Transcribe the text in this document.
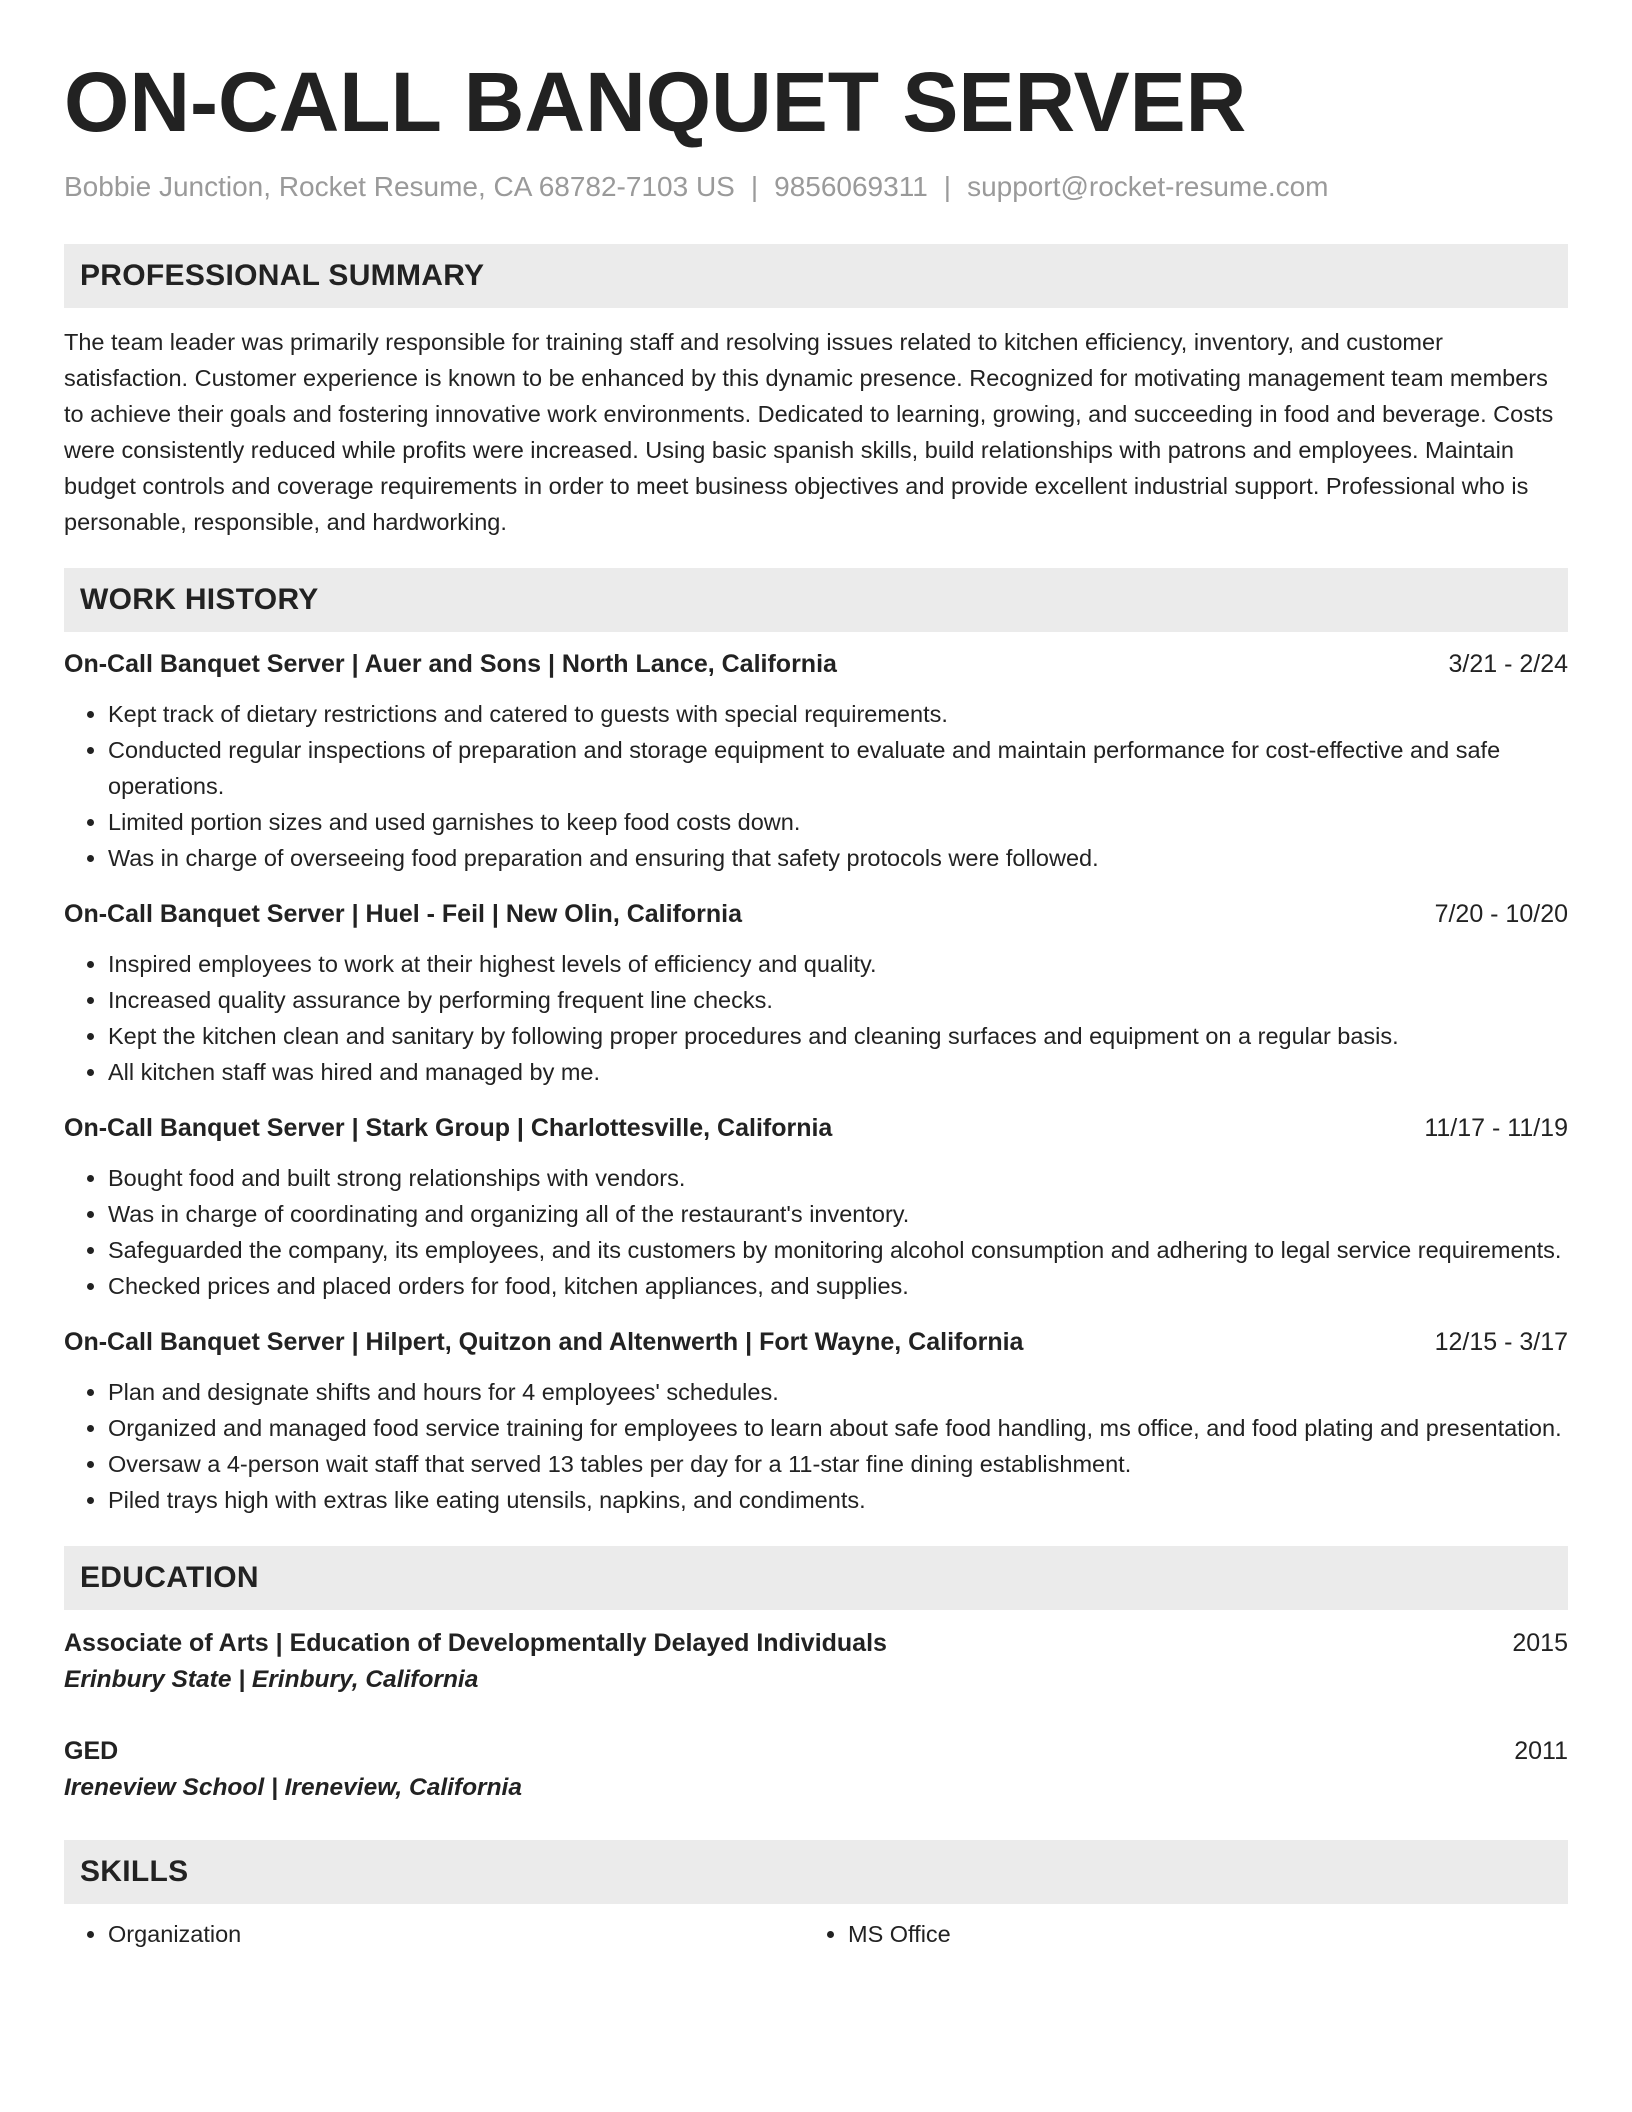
ON-CALL BANQUET SERVER
Bobbie Junction, Rocket Resume, CA 68782-7103 US | 9856069311 | support@rocket-resume.com
PROFESSIONAL SUMMARY

The team leader was primarily responsible for training staff and resolving issues related to kitchen efficiency, inventory, and customer satisfaction. Customer experience is known to be enhanced by this dynamic presence. Recognized for motivating management team members to achieve their goals and fostering innovative work environments. Dedicated to learning, growing, and succeeding in food and beverage. Costs were consistently reduced while profits were increased. Using basic spanish skills, build relationships with patrons and employees. Maintain budget controls and coverage requirements in order to meet business objectives and provide excellent industrial support. Professional who is personable, responsible, and hardworking.

WORK HISTORY
On-Call Banquet Server | Auer and Sons | North Lance, California	3/21 - 2/24
• Kept track of dietary restrictions and catered to guests with special requirements.
• Conducted regular inspections of preparation and storage equipment to evaluate and maintain performance for cost-effective and safe operations.
• Limited portion sizes and used garnishes to keep food costs down.
• Was in charge of overseeing food preparation and ensuring that safety protocols were followed.
On-Call Banquet Server | Huel - Feil | New Olin, California	7/20 - 10/20
• Inspired employees to work at their highest levels of efficiency and quality.
• Increased quality assurance by performing frequent line checks.
• Kept the kitchen clean and sanitary by following proper procedures and cleaning surfaces and equipment on a regular basis.
• All kitchen staff was hired and managed by me.
On-Call Banquet Server | Stark Group | Charlottesville, California	11/17 - 11/19
• Bought food and built strong relationships with vendors.
• Was in charge of coordinating and organizing all of the restaurant's inventory.
• Safeguarded the company, its employees, and its customers by monitoring alcohol consumption and adhering to legal service requirements.
• Checked prices and placed orders for food, kitchen appliances, and supplies.
On-Call Banquet Server | Hilpert, Quitzon and Altenwerth | Fort Wayne, California	12/15 - 3/17
• Plan and designate shifts and hours for 4 employees' schedules.
• Organized and managed food service training for employees to learn about safe food handling, ms office, and food plating and presentation.
• Oversaw a 4-person wait staff that served 13 tables per day for a 11-star fine dining establishment.
• Piled trays high with extras like eating utensils, napkins, and condiments.
EDUCATION
Associate of Arts | Education of Developmentally Delayed Individuals	2015
Erinbury State | Erinbury, California
GED	2011
Ireneview School | Ireneview, California
SKILLS
• Organization
•	MS Office
